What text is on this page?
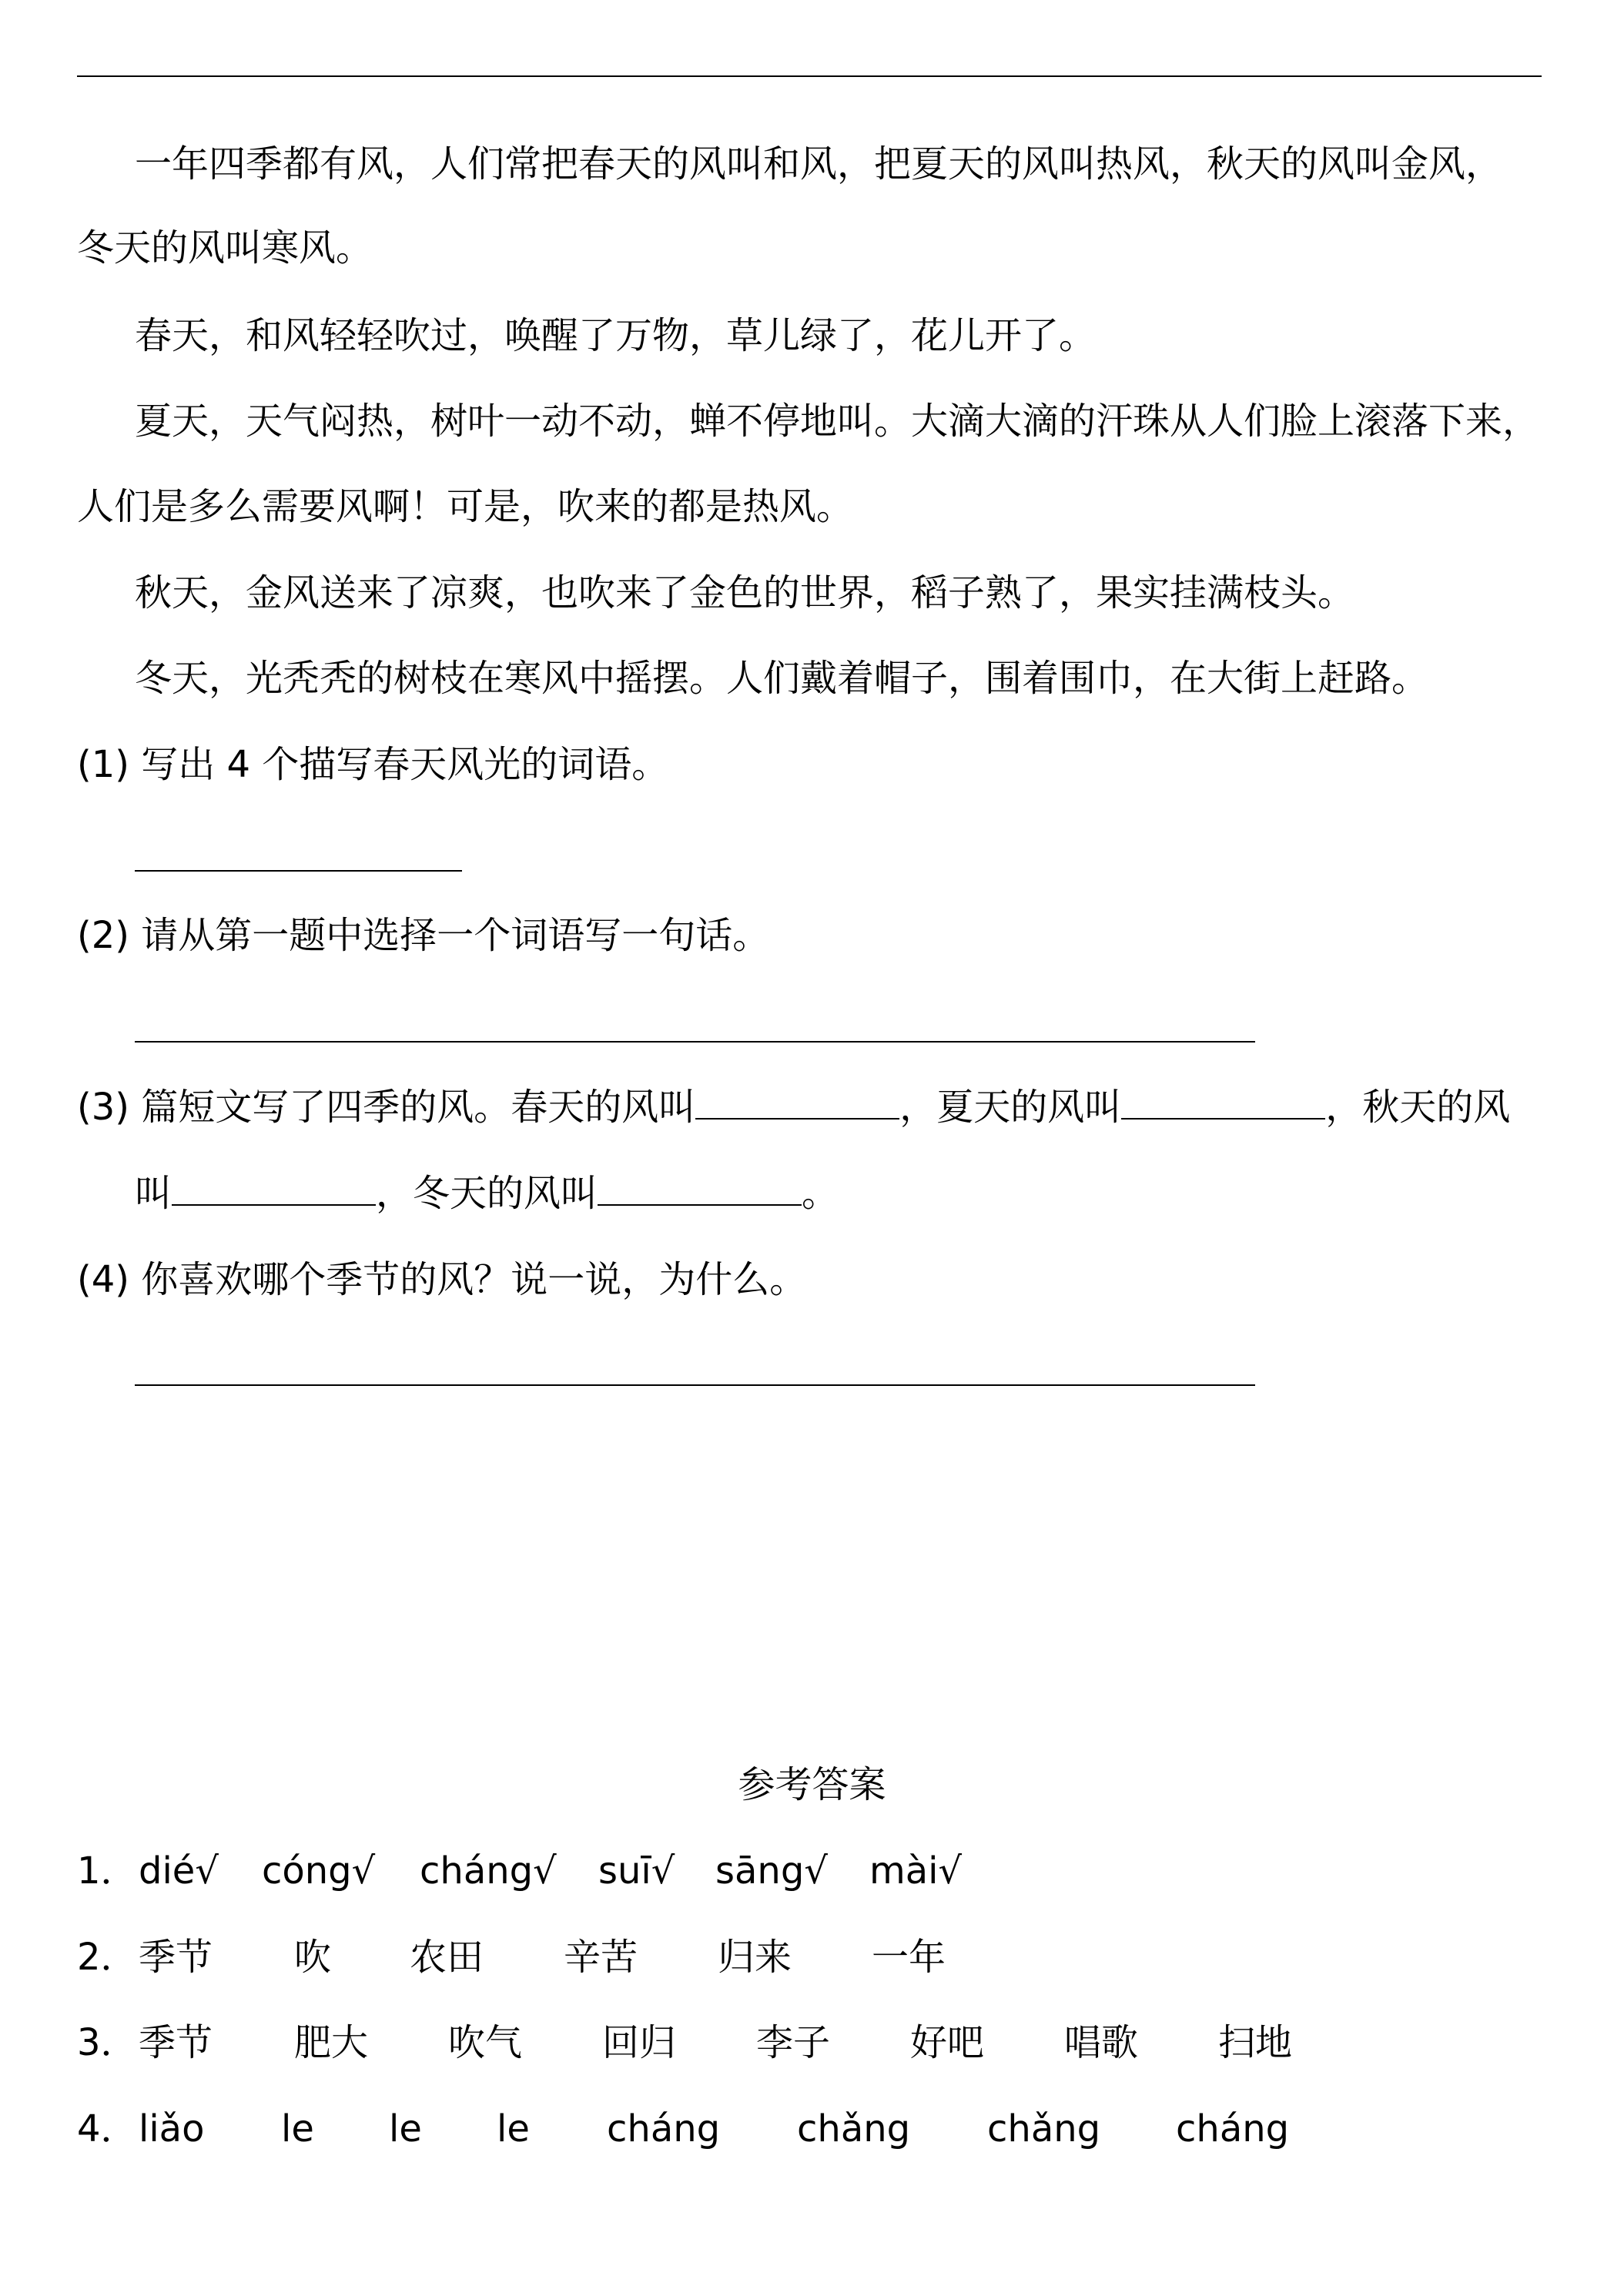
一年四季都有风，人们常把春天的风叫和风，把夏天的风叫热风，秋天的风叫金风，
冬天的风叫寒风。
春天，和风轻轻吹过，唤醒了万物，草儿绿了，花儿开了。
夏天，天气闷热，树叶一动不动，蝉不停地叫。大滴大滴的汗珠从人们脸上滚落下来，
人们是多么需要风啊！可是，吹来的都是热风。
秋天，金风送来了凉爽，也吹来了金色的世界，稻子熟了，果实挂满枝头。
冬天，光秃秃的树枝在寒风中摇摆。人们戴着帽子，围着围巾，在大街上赶路。
(1) 写出 4 个描写春天风光的词语。
(2) 请从第一题中选择一个词语写一句话。
(3) 篇短文写了四季的风。春天的风叫	，夏天的风叫	，秋天的风
叫	，冬天的风叫	。
(4) 你喜欢哪个季节的风？说一说，为什么。
参考答案
1． dié√	cóng√	cháng√	suī√	sāng√	mài√
2． 季节	吹	农田	辛苦	归来	一年
3． 季节	肥大	吹气	回归	李子	好吧	唱歌	扫地
4． liǎo	le	le	le	cháng	chǎng	chǎng	cháng
